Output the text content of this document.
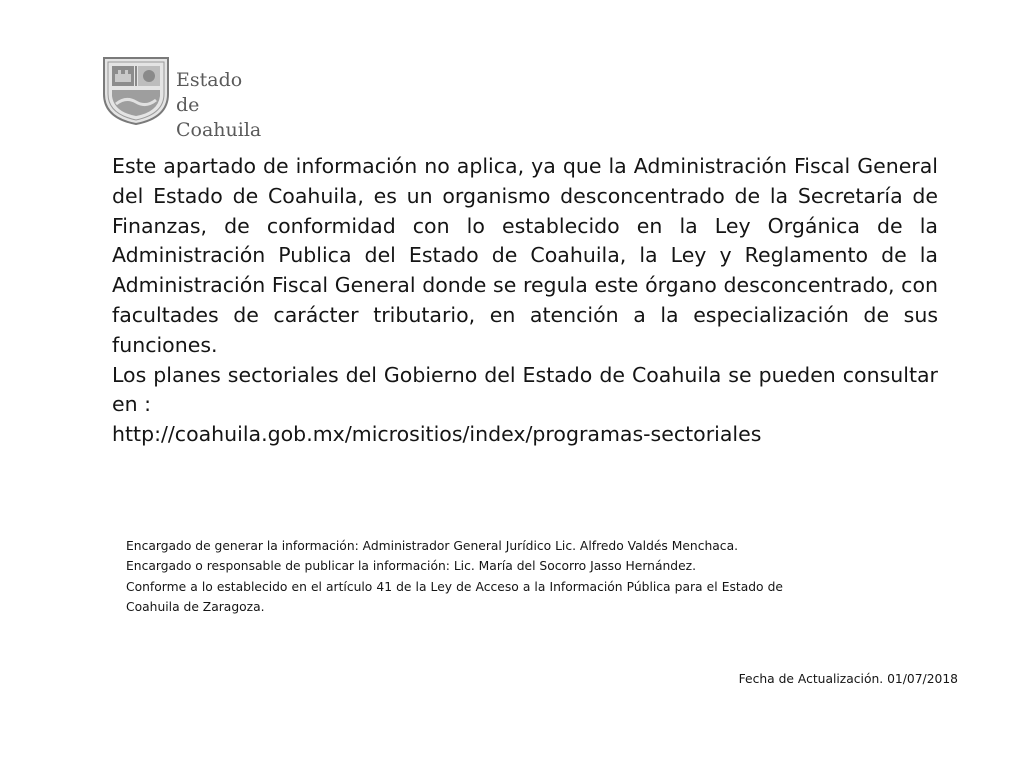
Estado
de Coahuila

Este apartado de información no aplica, ya que la Administración Fiscal General del Estado de Coahuila, es un organismo desconcentrado de la Secretaría de Finanzas, de conformidad con lo establecido en la Ley Orgánica de la Administración Publica del Estado de Coahuila, la Ley y Reglamento de la Administración Fiscal General donde se regula este órgano desconcentrado, con facultades de carácter tributario, en atención a la especialización de sus funciones.

Los planes sectoriales del Gobierno del Estado de Coahuila se pueden consultar en :

http://coahuila.gob.mx/micrositios/index/programas-sectoriales

Encargado de generar la información: Administrador General Jurídico Lic. Alfredo Valdés Menchaca.

Encargado o responsable de publicar la información: Lic. María del Socorro Jasso Hernández.

Conforme a lo establecido en el artículo 41 de la Ley de Acceso a la Información Pública para el Estado de Coahuila de Zaragoza.

Fecha de Actualización. 01/07/2018
